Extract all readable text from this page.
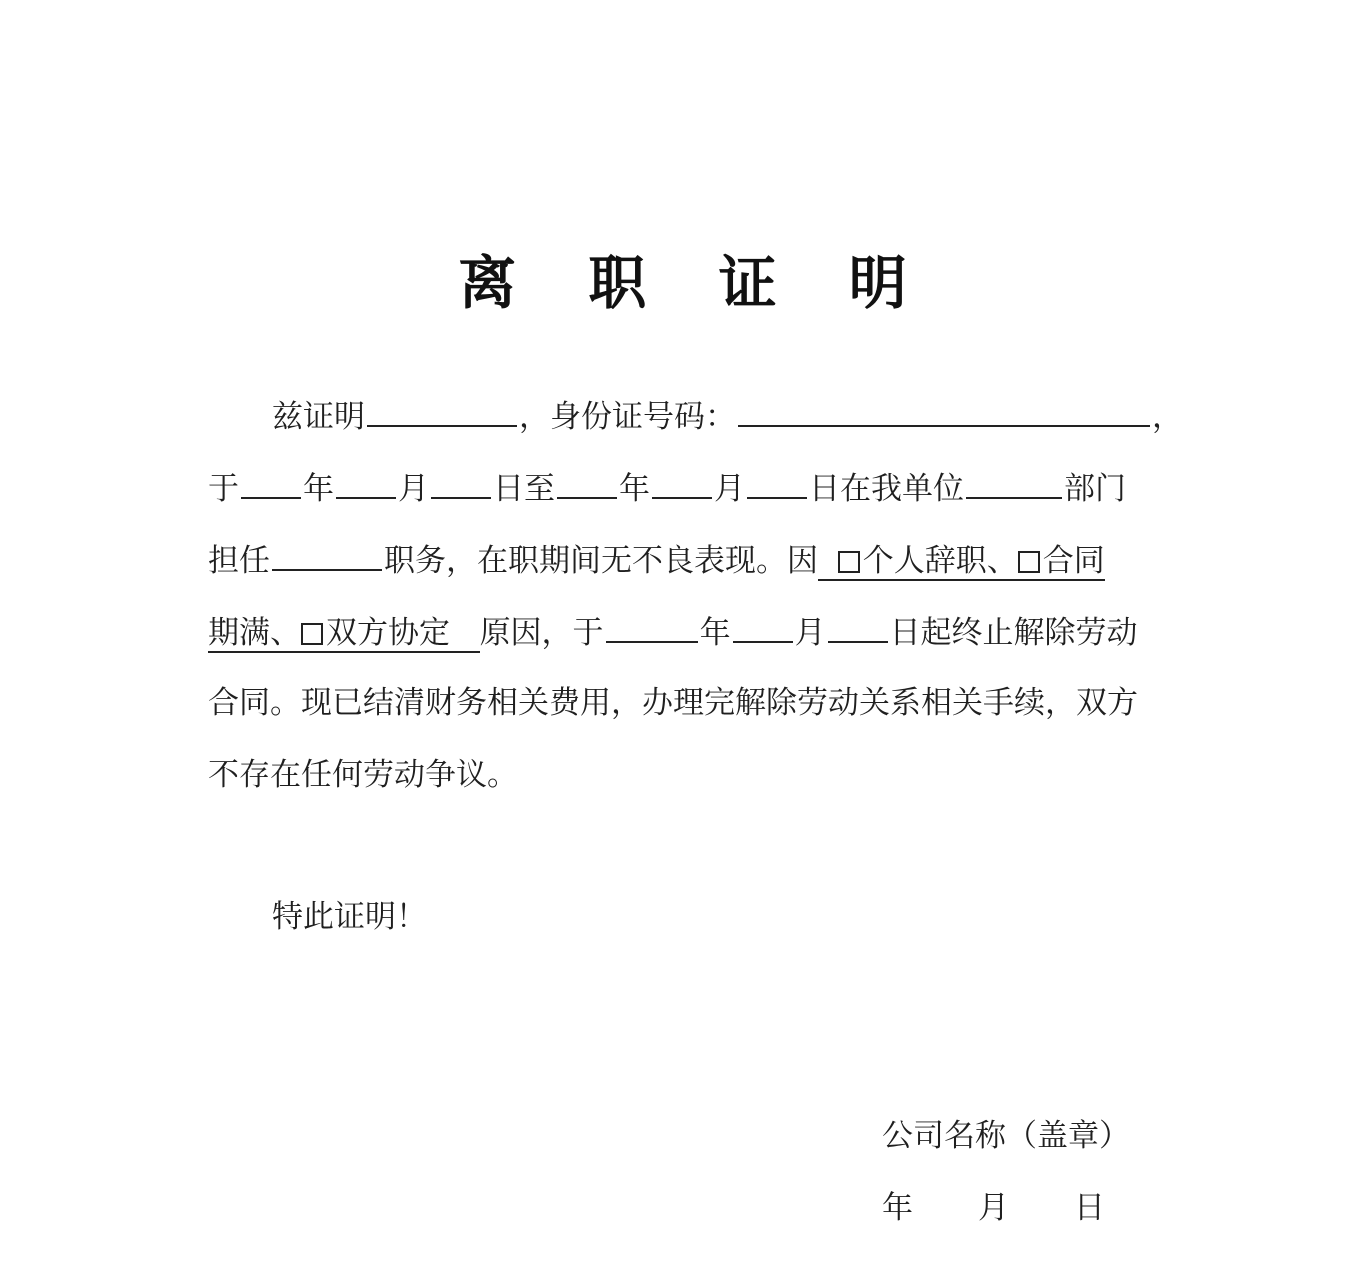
离 职 证 明
兹证明	，身份证号码：	，
于 年 月 日至 年 月 日在我单位	部门
担任	职务，在职期间无不良表现。因 个人辞职、 合同
期满、 双方协定 原因，于	年 月 日起终止解除劳动
合同。现已结清财务相关费用，办理完解除劳动关系相关手续，双方
不存在任何劳动争议。
特此证明！
公司名称（盖章）
年 月 日
